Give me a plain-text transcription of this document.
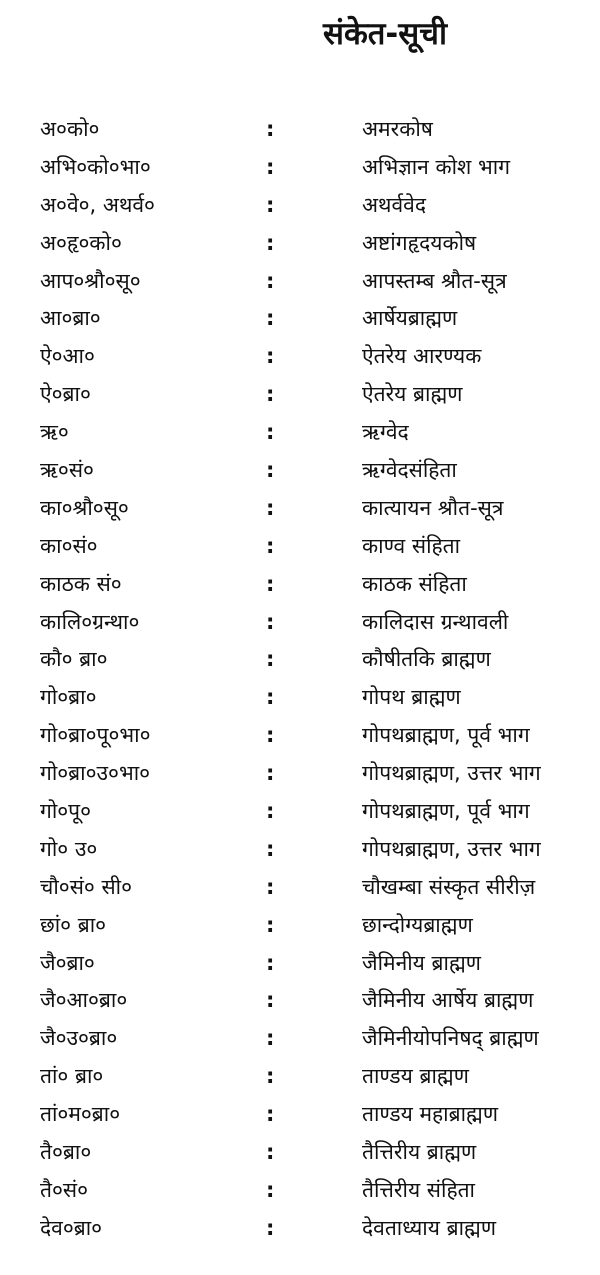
संकेत-सूची
अ०को०	:	अमरकोष
अभि०को०भा०	:	अभिज्ञान कोश भाग
अ०वे०, अथर्व०	:	अथर्ववेद
अ०हृ०को०	:	अष्टांगहृदयकोष
आप०श्रौ०सू०	:	आपस्तम्ब श्रौत-सूत्र
आ०ब्रा०	:	आर्षेयब्राह्मण
ऐ०आ०	:	ऐतरेय आरण्यक
ऐ०ब्रा०	:	ऐतरेय ब्राह्मण
ऋ०	:	ऋग्वेद
ऋ०सं०	:	ऋग्वेदसंहिता
का०श्रौ०सू०	:	कात्यायन श्रौत-सूत्र
का०सं०	:	काण्व संहिता
काठक सं०	:	काठक संहिता
कालि०ग्रन्था०	:	कालिदास ग्रन्थावली
कौ० ब्रा०	:	कौषीतकि ब्राह्मण
गो०ब्रा०	:	गोपथ ब्राह्मण
गो०ब्रा०पू०भा०	:	गोपथब्राह्मण, पूर्व भाग
गो०ब्रा०उ०भा०	:	गोपथब्राह्मण, उत्तर भाग
गो०पू०	:	गोपथब्राह्मण, पूर्व भाग
गो० उ०	:	गोपथब्राह्मण, उत्तर भाग
चौ०सं० सी०	:	चौखम्बा संस्कृत सीरीज़
छां० ब्रा०	:	छान्दोग्यब्राह्मण
जै०ब्रा०	:	जैमिनीय ब्राह्मण
जै०आ०ब्रा०	:	जैमिनीय आर्षेय ब्राह्मण
जै०उ०ब्रा०	:	जैमिनीयोपनिषद् ब्राह्मण
तां० ब्रा०	:	ताण्डय ब्राह्मण
तां०म०ब्रा०	:	ताण्डय महाब्राह्मण
तै०ब्रा०	:	तैत्तिरीय ब्राह्मण
तै०सं०	:	तैत्तिरीय संहिता
देव०ब्रा०	:	देवताध्याय ब्राह्मण
